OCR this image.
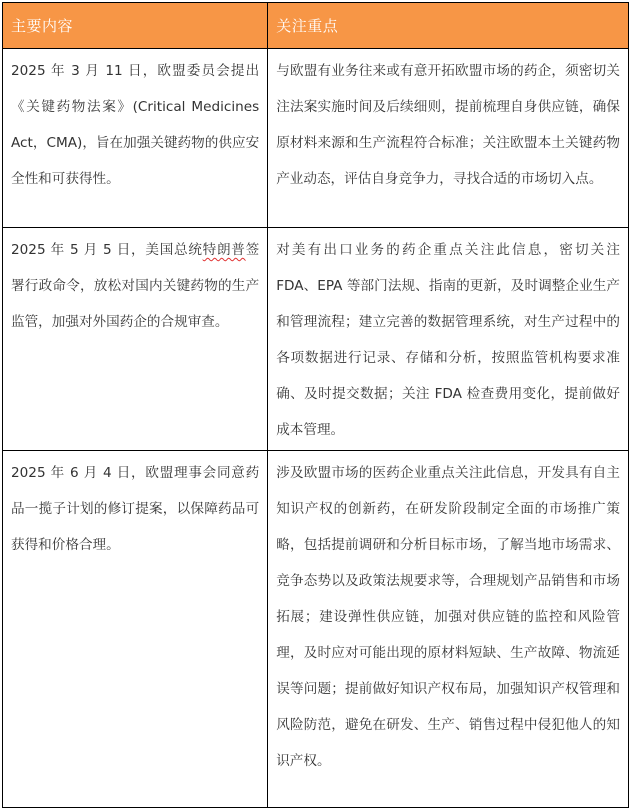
主要内容	关注重点
2025 年 3 月 11 日，欧盟委员会提出《关键药物法案》(Critical Medicines Act，CMA)，旨在加强关键药物的供应安全性和可获得性。	与欧盟有业务往来或有意开拓欧盟市场的药企，须密切关注法案实施时间及后续细则，提前梳理自身供应链，确保原材料来源和生产流程符合标准；关注欧盟本土关键药物产业动态，评估自身竞争力，寻找合适的市场切入点。
2025 年 5 月 5 日，美国总统特朗普签署行政命令，放松对国内关键药物的生产监管，加强对外国药企的合规审查。	对美有出口业务的药企重点关注此信息，密切关注 FDA、EPA 等部门法规、指南的更新，及时调整企业生产和管理流程；建立完善的数据管理系统，对生产过程中的各项数据进行记录、存储和分析，按照监管机构要求准确、及时提交数据；关注 FDA 检查费用变化，提前做好成本管理。
2025 年 6 月 4 日，欧盟理事会同意药品一揽子计划的修订提案，以保障药品可获得和价格合理。	涉及欧盟市场的医药企业重点关注此信息，开发具有自主知识产权的创新药，在研发阶段制定全面的市场推广策略，包括提前调研和分析目标市场，了解当地市场需求、竞争态势以及政策法规要求等，合理规划产品销售和市场拓展；建设弹性供应链，加强对供应链的监控和风险管理，及时应对可能出现的原材料短缺、生产故障、物流延误等问题；提前做好知识产权布局，加强知识产权管理和风险防范，避免在研发、生产、销售过程中侵犯他人的知识产权。
